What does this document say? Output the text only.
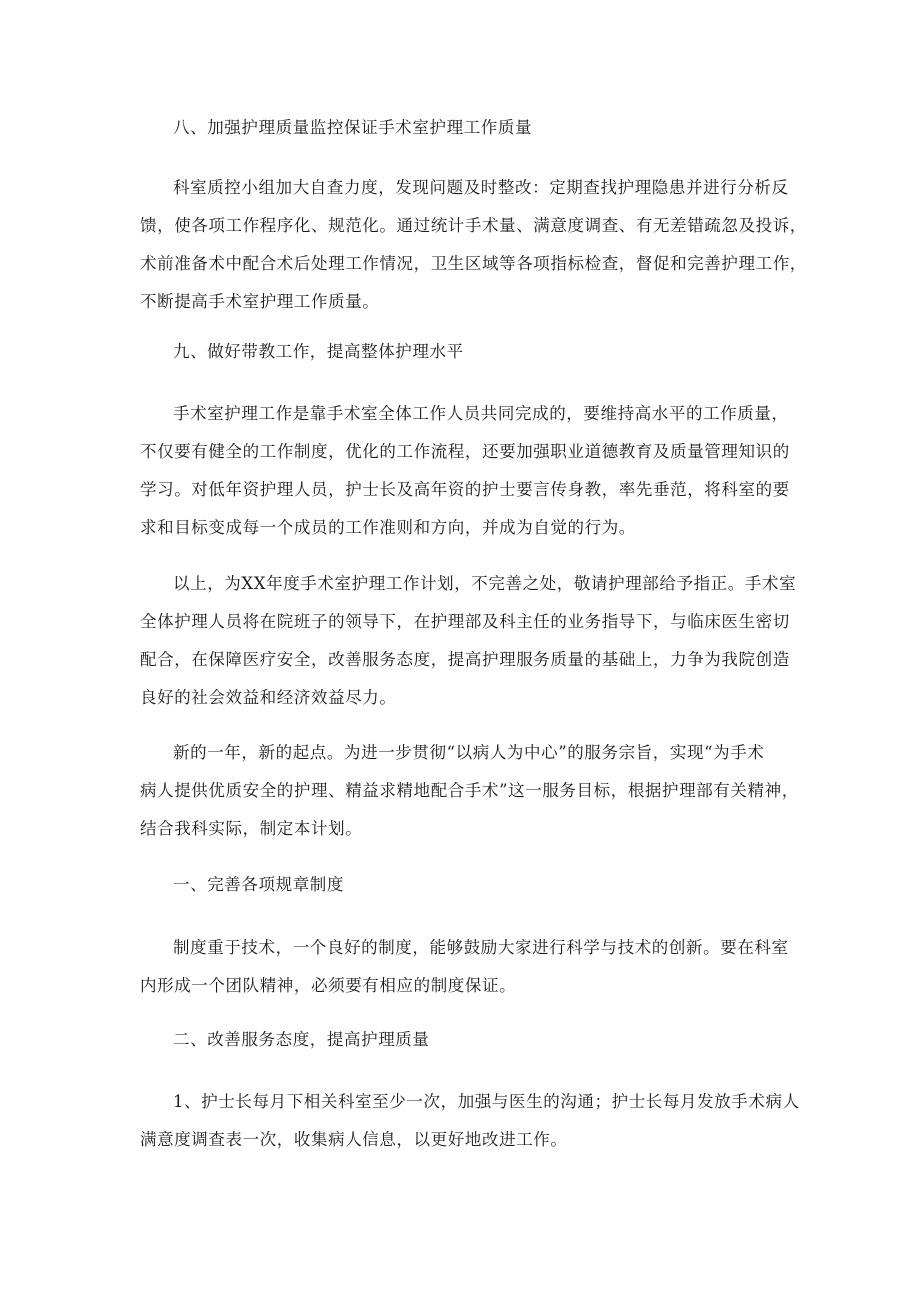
八、加强护理质量监控保证手术室护理工作质量

科室质控小组加大自查力度，发现问题及时整改：定期查找护理隐患并进行分析反
馈，使各项工作程序化、规范化。通过统计手术量、满意度调查、有无差错疏忽及投诉，
术前准备术中配合术后处理工作情况，卫生区域等各项指标检查，督促和完善护理工作，
不断提高手术室护理工作质量。

九、做好带教工作，提高整体护理水平

手术室护理工作是靠手术室全体工作人员共同完成的，要维持高水平的工作质量，
不仅要有健全的工作制度，优化的工作流程，还要加强职业道德教育及质量管理知识的
学习。对低年资护理人员，护士长及高年资的护士要言传身教，率先垂范，将科室的要
求和目标变成每一个成员的工作准则和方向，并成为自觉的行为。
以上，为XX年度手术室护理工作计划，不完善之处，敬请护理部给予指正。手术室
全体护理人员将在院班子的领导下，在护理部及科主任的业务指导下，与临床医生密切
配合，在保障医疗安全，改善服务态度，提高护理服务质量的基础上，力争为我院创造
良好的社会效益和经济效益尽力。
新的一年，新的起点。为进一步贯彻“以病人为中心”的服务宗旨，实现“为手术
病人提供优质安全的护理、精益求精地配合手术”这一服务目标，根据护理部有关精神，
结合我科实际，制定本计划。

一、完善各项规章制度

制度重于技术，一个良好的制度，能够鼓励大家进行科学与技术的创新。要在科室
内形成一个团队精神，必须要有相应的制度保证。

二、改善服务态度，提高护理质量

1、护士长每月下相关科室至少一次，加强与医生的沟通；护士长每月发放手术病人
满意度调查表一次，收集病人信息，以更好地改进工作。
